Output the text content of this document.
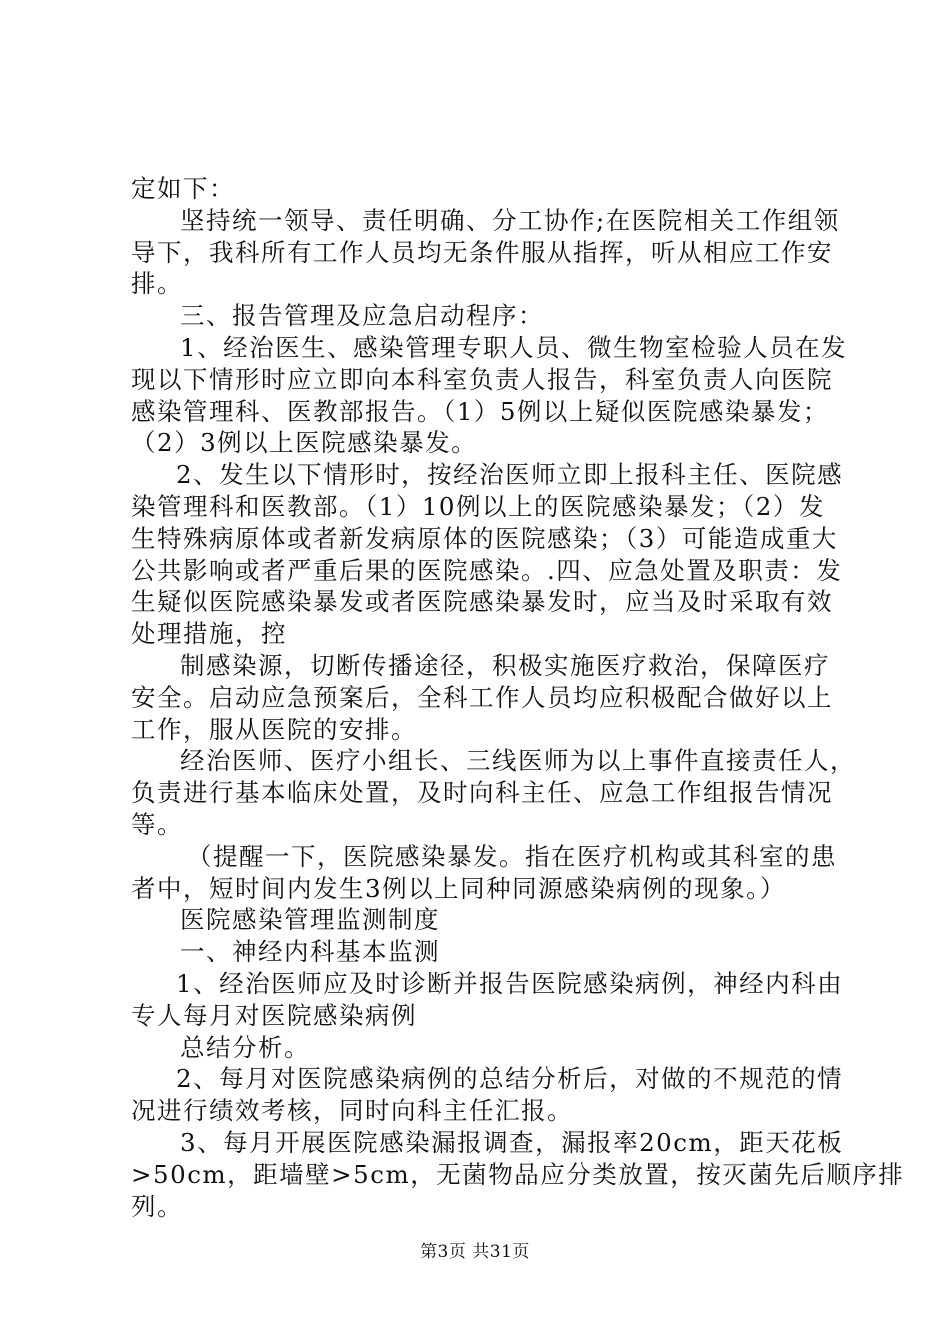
定如下：
坚持统一领导、责任明确、分工协作;在医院相关工作组领
导下，我科所有工作人员均无条件服从指挥，听从相应工作安
排。
三、报告管理及应急启动程序：
1、经治医生、感染管理专职人员、微生物室检验人员在发
现以下情形时应立即向本科室负责人报告，科室负责人向医院
感染管理科、医教部报告。（1）5例以上疑似医院感染暴发；
（2）3例以上医院感染暴发。
2、发生以下情形时，按经治医师立即上报科主任、医院感
染管理科和医教部。（1）10例以上的医院感染暴发；（2）发
生特殊病原体或者新发病原体的医院感染；（3）可能造成重大
公共影响或者严重后果的医院感染。.四、应急处置及职责：发
生疑似医院感染暴发或者医院感染暴发时，应当及时采取有效
处理措施，控
制感染源，切断传播途径，积极实施医疗救治，保障医疗
安全。启动应急预案后，全科工作人员均应积极配合做好以上
工作，服从医院的安排。
经治医师、医疗小组长、三线医师为以上事件直接责任人，
负责进行基本临床处置，及时向科主任、应急工作组报告情况
等。
（提醒一下，医院感染暴发。指在医疗机构或其科室的患
者中，短时间内发生3例以上同种同源感染病例的现象。）
医院感染管理监测制度
一、神经内科基本监测
1、经治医师应及时诊断并报告医院感染病例，神经内科由
专人每月对医院感染病例
总结分析。
2、每月对医院感染病例的总结分析后，对做的不规范的情
况进行绩效考核，同时向科主任汇报。
3、每月开展医院感染漏报调查，漏报率20cm，距天花板
>50cm，距墙壁>5cm，无菌物品应分类放置，按灭菌先后顺序排
列。
第3页 共31页
